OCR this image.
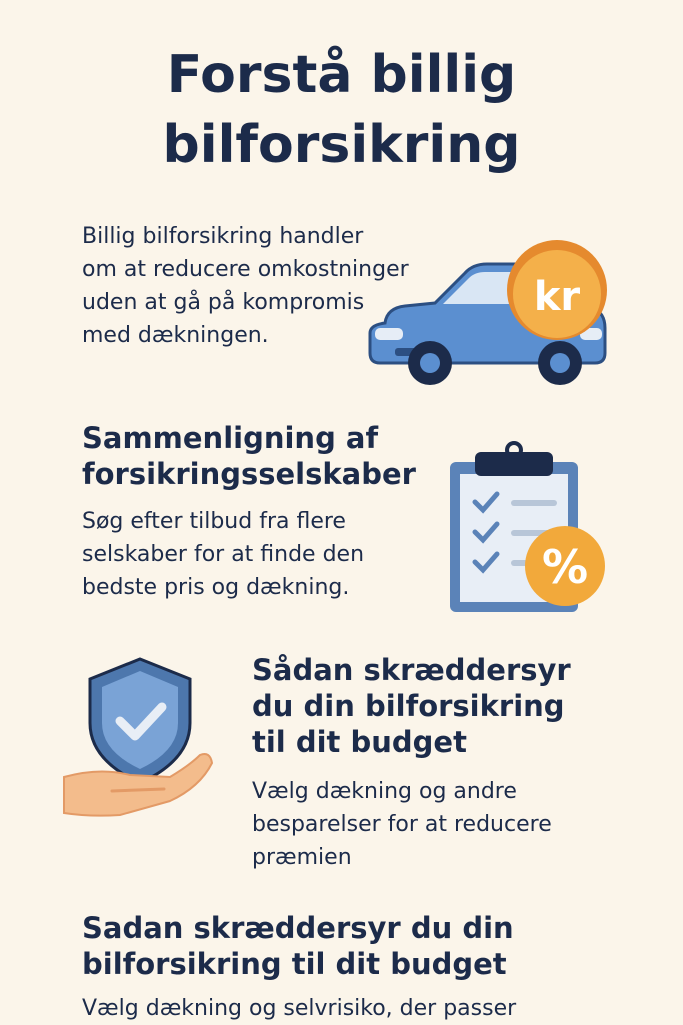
Forstå billig
bilforsikring
Billig bilforsikring handler
om at reducere omkostninger
uden at gå på kompromis
med dækningen.
kr
Sammenligning af
forsikringsselskaber
Søg efter tilbud fra flere
selskaber for at finde den
bedste pris og dækning.	%
Sådan skræddersyr
du din bilforsikring
til dit budget
Vælg dækning og andre
besparelser for at reducere
præmien
Sadan skræddersyr du din
bilforsikring til dit budget
Vælg dækning og selvrisiko, der passer
